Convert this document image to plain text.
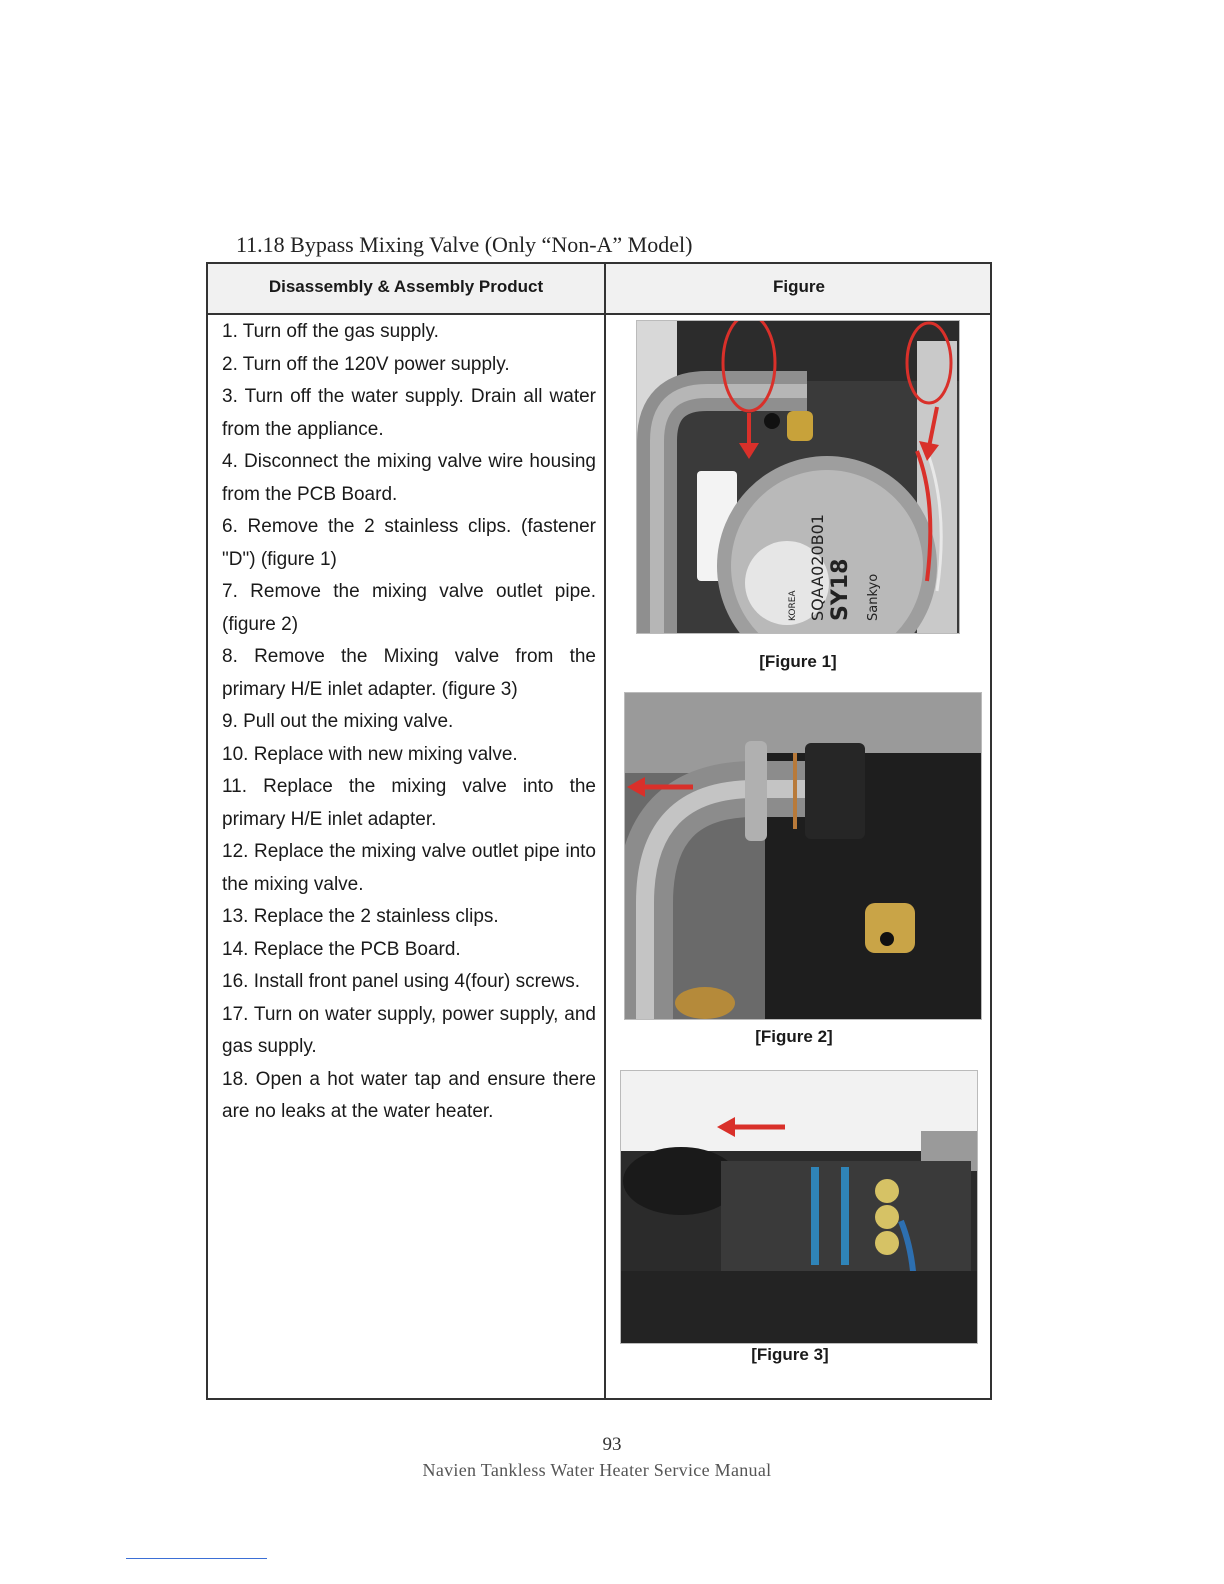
11.18 Bypass Mixing Valve (Only “Non-A” Model)
Disassembly & Assembly Product	Figure
1. Turn off the gas supply.
2. Turn off the 120V power supply.
3. Turn off the water supply. Drain all water from the appliance.
4. Disconnect the mixing valve wire housing from the PCB Board.
6. Remove the 2 stainless clips. (fastener "D") (figure 1)
7. Remove the mixing valve outlet pipe. (figure 2)
8. Remove the Mixing valve from the primary H/E inlet adapter. (figure 3)
9. Pull out the mixing valve.
10. Replace with new mixing valve.
11. Replace the mixing valve into the primary H/E inlet adapter.
12. Replace the mixing valve outlet pipe into the mixing valve.
13. Replace the 2 stainless clips.
14. Replace the PCB Board.
16. Install front panel using 4(four) screws.
17. Turn on water supply, power supply, and gas supply.
18. Open a hot water tap and ensure there are no leaks at the water heater.
Sankyo
SY18
SQAA020B01
KOREA
[Figure 1]
[Figure 2]
[Figure 3]
93
Navien Tankless Water Heater Service Manual
